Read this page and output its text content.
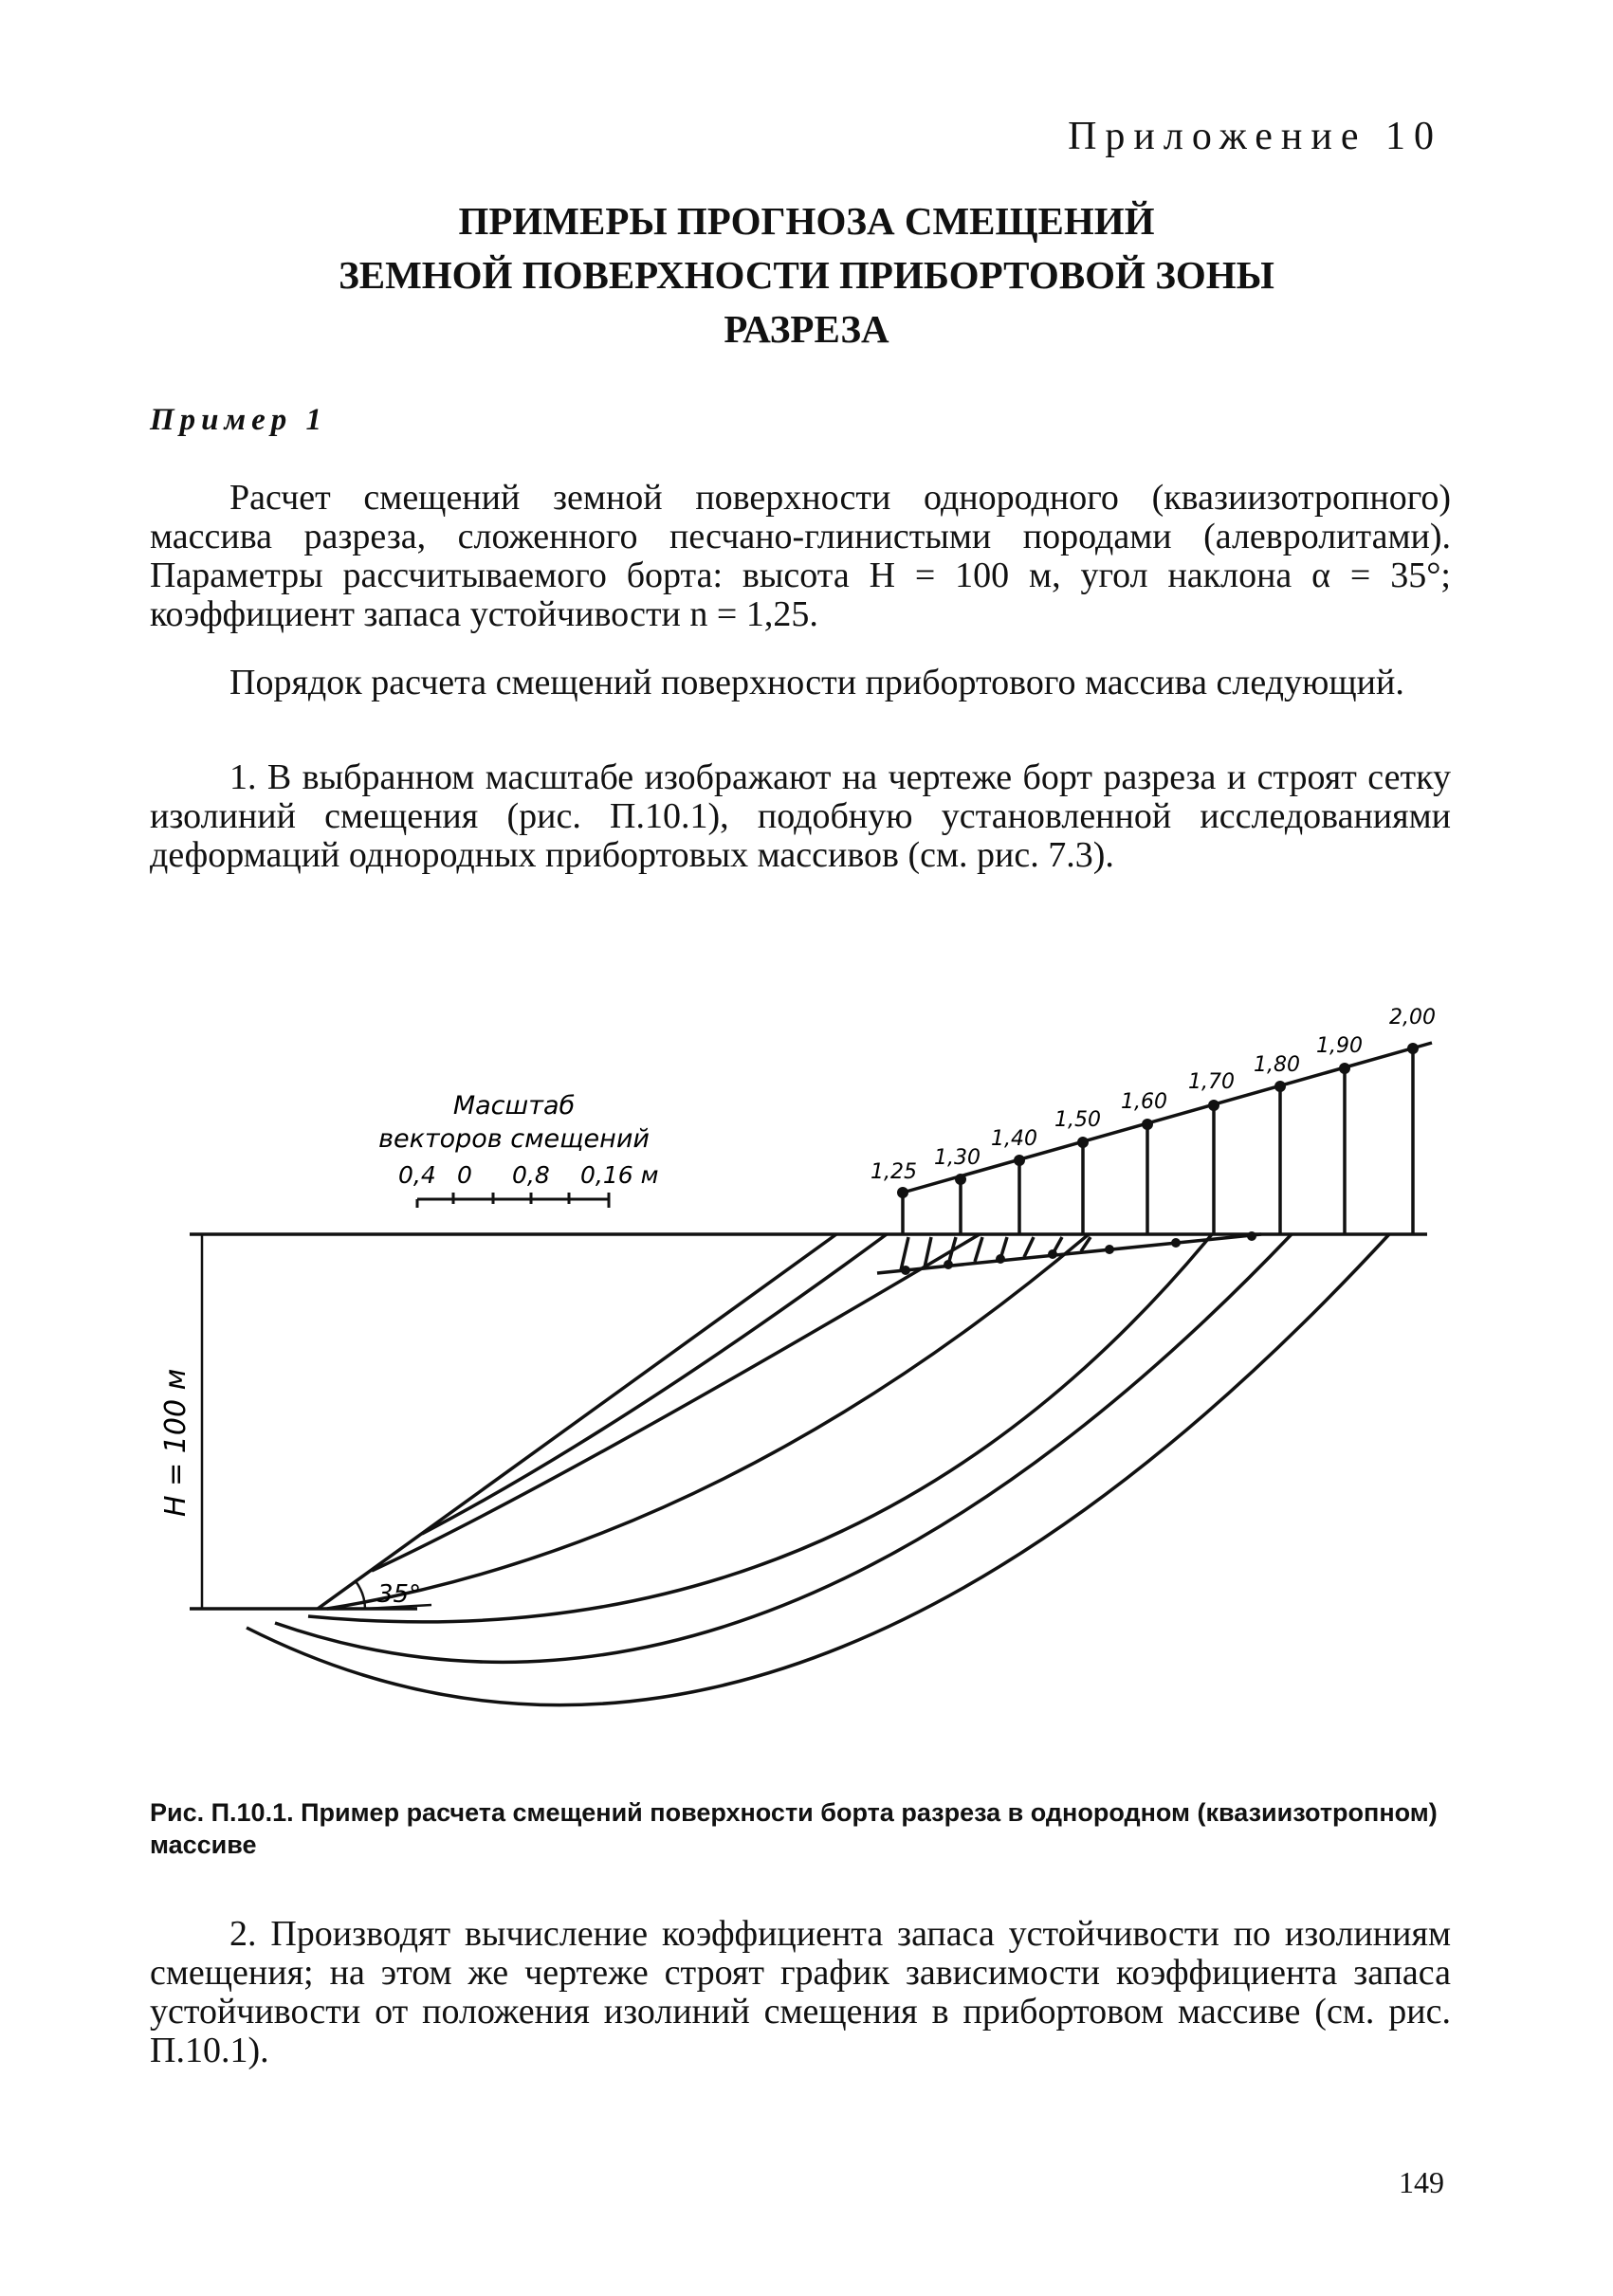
Приложение 10
ПРИМЕРЫ ПРОГНОЗА СМЕЩЕНИЙ
ЗЕМНОЙ ПОВЕРХНОСТИ ПРИБОРТОВОЙ ЗОНЫ
РАЗРЕЗА
Пример 1
Расчет смещений земной поверхности однородного (квазиизотропного) массива разреза, сложенного песчано-глинистыми породами (алевролитами). Параметры рассчитываемого борта: высота H = 100 м, угол наклона α = 35°; коэффициент запаса устойчивости n = 1,25.
Порядок расчета смещений поверхности прибортового массива следующий.
1. В выбранном масштабе изображают на чертеже борт разреза и строят сетку изолиний смещения (рис. П.10.1), подобную установленной исследованиями деформаций однородных прибортовых массивов (см. рис. 7.3).
Масштаб
векторов смещений
0,4 0 0,8 0,16 м
H = 100 м
35°
1,25
1,30
1,40
1,50
1,60
1,70
1,80
1,90
2,00
Рис. П.10.1. Пример расчета смещений поверхности борта разреза в однородном (квазиизотропном) массиве
2. Производят вычисление коэффициента запаса устойчивости по изолиниям смещения; на этом же чертеже строят график зависимости коэффициента запаса устойчивости от положения изолиний смещения в прибортовом массиве (см. рис. П.10.1).
149
